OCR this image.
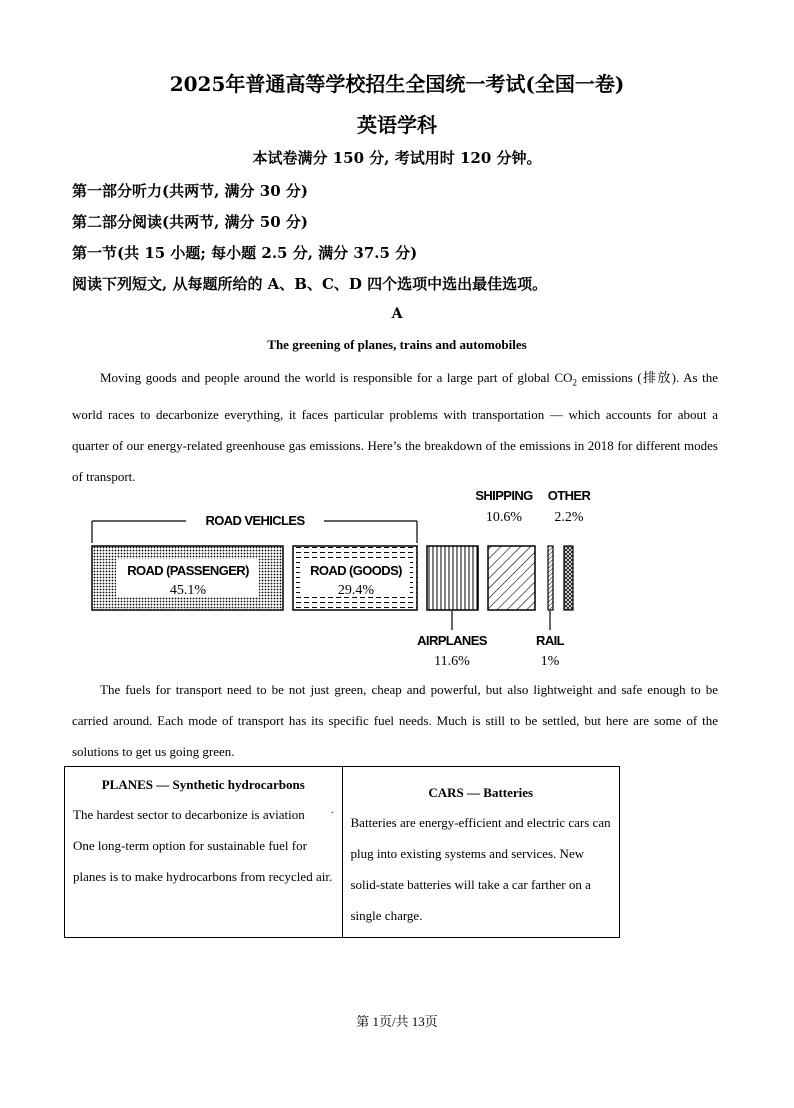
2025年普通高等学校招生全国统一考试(全国一卷)
英语学科
本试卷满分 150 分, 考试用时 120 分钟。
第一部分听力(共两节, 满分 30 分)
第二部分阅读(共两节, 满分 50 分)
第一节(共 15 小题; 每小题 2.5 分, 满分 37.5 分)
阅读下列短文, 从每题所给的 A、B、C、D 四个选项中选出最佳选项。
A
The greening of planes, trains and automobiles

Moving goods and people around the world is responsible for a large part of global $CO_2$ emissions (排放). As the world races to decarbonize everything, it faces particular problems with transportation — which accounts for about a quarter of our energy-related greenhouse gas emissions. Here’s the breakdown of the emissions in 2018 for different modes of transport.

ROAD VEHICLES
ROAD (PASSENGER)
45.1%
ROAD (GOODS)
29.4%
SHIPPING
10.6%
OTHER
2.2%
AIRPLANES
11.6%
RAIL
1%

The fuels for transport need to be not just green, cheap and powerful, but also lightweight and safe enough to be carried around. Each mode of transport has its specific fuel needs. Much is still to be settled, but here are some of the solutions to get us going green.

PLANES — Synthetic hydrocarbons
The hardest sector to decarbonize is aviation	.
One long-term option for sustainable fuel for planes is to make hydrocarbons from recycled air.

CARS — Batteries
Batteries are energy-efficient and electric cars can plug into existing systems and services. New solid-state batteries will take a car farther on a single charge.
第 1页/共 13页
